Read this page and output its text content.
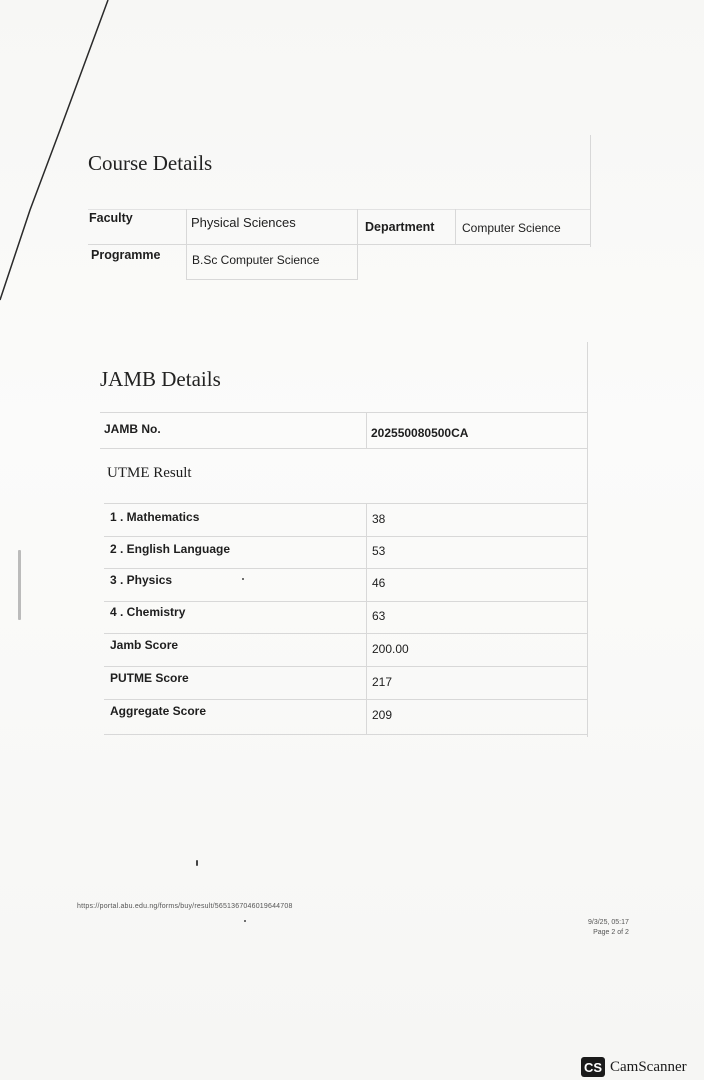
Course Details
Faculty	Physical Sciences	Department Computer Science
Programme	B.Sc Computer Science
JAMB Details
JAMB No.	202550080500CA
UTME Result
1 . Mathematics	38
2 . English Language	53
3 . Physics	46
4 . Chemistry	63
Jamb Score	200.00
PUTME Score	217
Aggregate Score	209
https://portal.abu.edu.ng/forms/buy/result/5651367046019644708
9/3/25, 05:17
Page 2 of 2
CS CamScanner
